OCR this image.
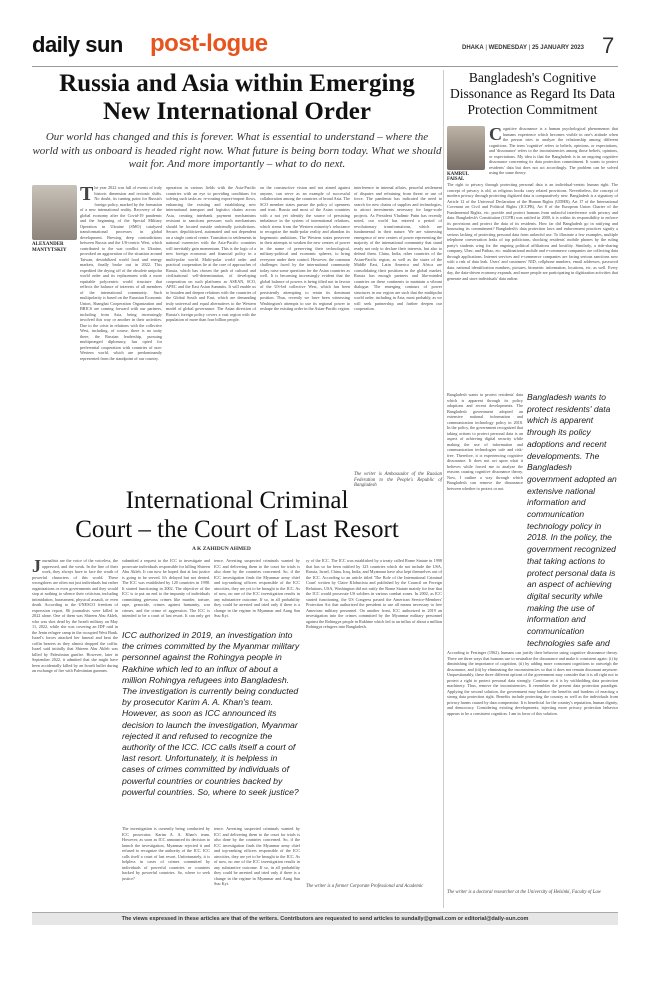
daily sun post-logue	DHAKA | WEDNESDAY | 25 JANUARY 2023 7
Russia and Asia within Emerging
New International Order
Our world has changed and this is forever. What is essential to understand – where the world with us onboard is headed right now. What future is being born today. What we should wait for. And more importantly – what to do next.
ALEXANDER MANTYTSKIY
T he year 2022 was full of events of truly historic dimension and tectonic shifts. No doubt, its turning point for Russia's foreign policy, marked by the formation of a new international reality. Recovery of the global economy after the Covid-19 pandemic and the beginning of the Special Military Operation in Ukraine (SMO) catalyzed transformational processes in global development. Brewing deep contradictions between Russia and the US-centric West, which contributed to the war conflict in Ukraine, provoked an aggravation of the situation around Taiwan, destabilized world food and energy markets, finally broke out in 2022. This expedited the drying off of the obsolete unipolar world order and its replacement with a more equitable polycentric world structure that reflects the balance of interests of all members of the international community. Such multipolarity is based on the Eurasian Economic Union, Shanghai Cooperation Organization and BRICS are coming forward with our partners, including from Asia, being increasingly involved this way or another in their activities. Due to the crisis in relations with the collective West, including, of course, there is no unity there, the Russian leadership, pursuing multipronged diplomacy, has opted for preferential cooperation with countries of non-Western world, which are predominantly represented from the standpoint of our country.
operation in various fields with the Asia-Pacific countries with an eye to providing conditions for solving such tasks as: re-routing export-import flows, enhancing the existing and establishing new international transport and logistics chains across Asia, creating interbank payment mechanisms resistant to sanctions pressure; such mechanisms should be located outside unfriendly jurisdictions. Secure, depoliticized, automated and not dependent on a single control centre. Transition to settlements in national currencies with the Asia-Pacific countries will inevitably gain momentum. This is the logic of a new foreign economic and financial policy in a multi-polar world. Multi-polar world order and practical cooperation lie at the core of approaches of Russia, which has chosen the path of cultural and civilisational self-determination, of developing cooperation on such platforms as ASEAN, SCO, APEC and the East Asian Summits. It will enable us to broaden and deepen relations with the countries of the Global South and East, which are demanding truly universal and equal alternatives to the Western model of global governance. The Asian direction of Russia's foreign policy covers a vast region with the population of more than four billion people.
on the constructive vision and not aimed against anyone, can serve as an example of successful collaboration among the countries of broad Asia. The SCO member states pursue the policy of openness and trust. Russia and most of the Asian countries with a not yet identify the source of persisting imbalance in the system of international relations, which stems from the Western minority's reluctance to recognize the multi-polar reality and abandon its hegemonic ambitions. The Western states persevere in their attempts to weaken the new centres of power in the name of preserving their technological, military-political and economic spheres, to bring everyone under their control. However, the common challenges faced by the international community today raise some questions for the Asian countries as well. It is becoming increasingly evident that the global balance of powers is being tilted not in favour of the US-led collective West, which has been persistently attempting to retain its dominant position. Thus, recently we have been witnessing Washington's attempts to use its regional power to reshape the existing order in the Asian-Pacific region.
interference in internal affairs, peaceful settlement of disputes and refraining from threat or use of force. The pandemic has indicated the need to search for new chains of supplies and technologies, to attract investments necessary for large-scale projects. As President Vladimir Putin has recently noted, our world has entered a period of revolutionary transformations, which are fundamental in their nature. We are witnessing emergence of new centres of power representing the majority of the international community that stand ready not only to declare their interests, but also to defend them. China, India, other countries of the Asian-Pacific region, as well as the states of the Middle East, Latin America and Africa are consolidating their positions in the global market. Russia has enough partners and like-minded countries on these continents to maintain a vibrant dialogue. The emerging contours of power structures in our region are such that the multipolar world order, including in Asia, most probably, as we will seek partnership and further deepen our cooperation.
The writer is Ambassador of the Russian Federation to the People's Republic of Bangladesh
Bangladesh's Cognitive
Dissonance as Regard Its Data
Protection Commitment
KAMRUL FAISAL
C ognitive dissonance is a human psychological phenomenon that humans experience which becomes visible in one's attitude when the person tries to analyze the relationship among different cognitions. The term 'cognitive' refers to beliefs, opinions, or expectations, and 'dissonance' refers to the inconsistencies among those beliefs, opinions, or expectations. My idea is that the Bangladesh is in an ongoing cognitive dissonance concerning its data protection commitment. It wants to protect residents' data but does not act accordingly. The problem can be solved using the same theory.
The right to privacy through protecting personal data is an individual-centric human right. The concept of privacy is old, as religious books carry related provisions. Nevertheless, the concept of modern privacy through protecting digitized data is comparatively new. Bangladesh is a signatory of Article 12 of the Universal Declaration of the Human Rights (UDHR), Art 17 of the International Covenant on Civil and Political Rights (ICCPR), Art 8 of the European Union Charter of the Fundamental Rights, etc. provide and protect humans from unlawful interference with privacy and data. Bangladesh's Constitution (CCPR) was ratified in 2000, it is within its responsibility to enforce its provisions and protect the data of its residents. How far did Bangladesh go in ratifying and honouring its commitment? Bangladesh's data protection laws and enforcement practices signify a serious lacking of protecting personal data from unlawful use. To illustrate a few examples, multiple telephone conversation leaks of top politicians, shocking residents' mobile phones by the ruling party's students wing for the ongoing political affiliations and hostility. Similarly, a ride-sharing company, Uber, and Pathao, etc. multinational mobile and e-commerce companies are collecting data through applications. Internet services and e-commerce companies are facing serious sanctions now with a risk of data leak. Users' and customers' NID, cellphone numbers, email addresses, password data, national identification numbers, pictures, biometric information, locations, etc. as well. Every day, the data-driven economy expands, and more people are participating in digitization activities that generate and store individuals' data online.
Bangladesh wants to protect residents' data which is apparent through its policy adoptions and recent developments. The Bangladesh government adopted an extensive national information and communication technology policy in 2018. In the policy, the government recognized that taking actions to protect personal data is an aspect of achieving digital security while making the use of information and communication technologies safe and risk-free. Therefore, it is experiencing cognitive dissonance. It does not act upon what it believes while forced me to analyze the reasons causing cognitive dissonance theory. Now, I outline a way through which Bangladesh can remove the dissonance between whether to protect or not.
Bangladesh wants to protect residents' data which is apparent through its policy adoptions and recent developments. The Bangladesh government adopted an extensive national information and communication technology policy in 2018. In the policy, the government recognized that taking actions to protect personal data is an aspect of achieving digital security while making the use of information and communication technologies safe and
According to Festinger (1962), humans can justify their behavior using cognitive dissonance theory. There are three ways that humans use to neutralize the dissonance and make it consistent again: (i) by diminishing the importance of cognition, (ii) by adding more consonant cognitions to outweigh the dissonance, and (iii) by eliminating the inconsistencies so that it does not remain dissonant anymore. Unquestionably, these three different options of the government may consider that it is all right not to protect a right to protect personal data strongly. Continue as it is by withholding data protection machinery. Thus, remove the inconsistencies. It resembles the present data protection paradigm. Applying the second solution, the government may balance the benefits and burdens of enacting a strong data protection right. Benefits include protecting the country as well as the individuals from privacy harms caused by data compromise. It is beneficial for the country's reputation, human dignity, and democracy. Considering existing developments, injecting more privacy protection behavior appears to be a consistent cognition. I am in favor of this solution.
The writer is a doctoral researcher at the University of Helsinki, Faculty of Law
International Criminal
Court – the Court of Last Resort
A K ZAHIDUN AHMED
J ournalists are the voice of the voiceless, the oppressed, and the weak. In the line of their work, they always have to face the wrath of powerful characters of this world. These wrongdoers are often not just individuals but rather organizations or even governments and they would stop at nothing to silence their criticism, including intimidation, harassment, physical assault, or even death. According to the UNESCO freedom of expression report, 86 journalists were killed in 2022 alone. One of them was Shireen Abu Akleh, who was shot dead by the Israeli military on May 11, 2022, while she was covering an IDF raid in the Jenin refugee camp in the occupied West Bank. Israel's forces attacked her funeral and beat the coffin bearers as they almost dropped the coffin. Israel said initially that Shireen Abu Akleh was killed by Palestinian gunfire. However, later in September 2022, it admitted that she might have been accidentally killed by an Israeli bullet during an exchange of fire with Palestinian gunmen.
submitted a request to the ICC to investigate and prosecute individuals responsible for killing Shireen Abu Akleh. It can now be hoped that at last justice is going to be served. It's delayed but not denied. The ICC was established by 120 countries in 1998. It started functioning in 2002. The objective of the ICC is to put an end to the impunity of individuals committing grievous crimes like murder, torture, rape, genocide, crimes against humanity, war crimes, and the crime of aggression. The ICC is intended to be a court of last resort. It can only get
tence. Arresting suspected criminals wanted by ICC and delivering them to the court for trials is also done by the countries concerned. So, if the ICC investigation finds the Myanmar army chief and top-ranking officers responsible of the ICC atrocities, they are yet to be brought to the ICC. As of now, no one of the ICC investigation results in any substantive outcome. If so, in all probability they could be arrested and tried only if there is a change in the regime in Myanmar and Aung San Suu Kyi.
ICC authorized in 2019, an investigation into the crimes committed by the Myanmar military personnel against the Rohingya people in Rakhine which led to an influx of about a million Rohingya refugees into Bangladesh. The investigation is currently being conducted by prosecutor Karim A. A. Khan's team. However, as soon as ICC announced its decision to launch the investigation, Myanmar rejected it and refused to recognize the authority of the ICC. ICC calls itself a court of last resort. Unfortunately, it is helpless in cases of crimes committed by individuals of powerful countries or countries backed by powerful countries. So, where to seek justice?
The investigation is currently being conducted by ICC prosecutor, Karim A. A. Khan's team. However, as soon as ICC announced its decision to launch the investigation, Myanmar rejected it and refused to recognize the authority of the ICC. ICC calls itself a court of last resort. Unfortunately, it is helpless in cases of crimes committed by individuals of powerful countries or countries backed by powerful countries. So, where to seek justice?
tence. Arresting suspected criminals wanted by ICC and delivering them to the court for trials is also done by the countries concerned. So, if the ICC investigation finds the Myanmar army chief and top-ranking officers responsible of the ICC atrocities, they are yet to be brought to the ICC. As of now, no one of the ICC investigation results in any substantive outcome. If so, in all probability they could be arrested and tried only if there is a change in the regime in Myanmar and Aung San Suu Kyi.
ry of the ICC. The ICC was established by a treaty called Rome Statute in 1998 that has so far been ratified by 123 countries which do not include the USA, Russia, Israel, China, Iraq, India, and Myanmar have also kept themselves out of the ICC. According to an article titled 'The Role of the International Criminal Court' written by Claire Klobucista and published by the Council on Foreign Relations, USA, Washington did not ratify the Rome Statute mainly for fear that the ICC would prosecute US soldiers in various combat zones. In 2002, as ICC started functioning, the US Congress passed the American Service-Members' Protection Act that authorized the president to use all means necessary to free American military personnel. On another front, ICC authorized in 2019 an investigation into the crimes committed by the Myanmar military personnel against the Rohingya people in Rakhine which led to an influx of about a million Rohingya refugees into Bangladesh.
The writer is a former Corporate Professional and Academic
The views expressed in these articles are that of the writers. Contributors are requested to send articles to sundaily@gmail.com or editorial@daily-sun.com
